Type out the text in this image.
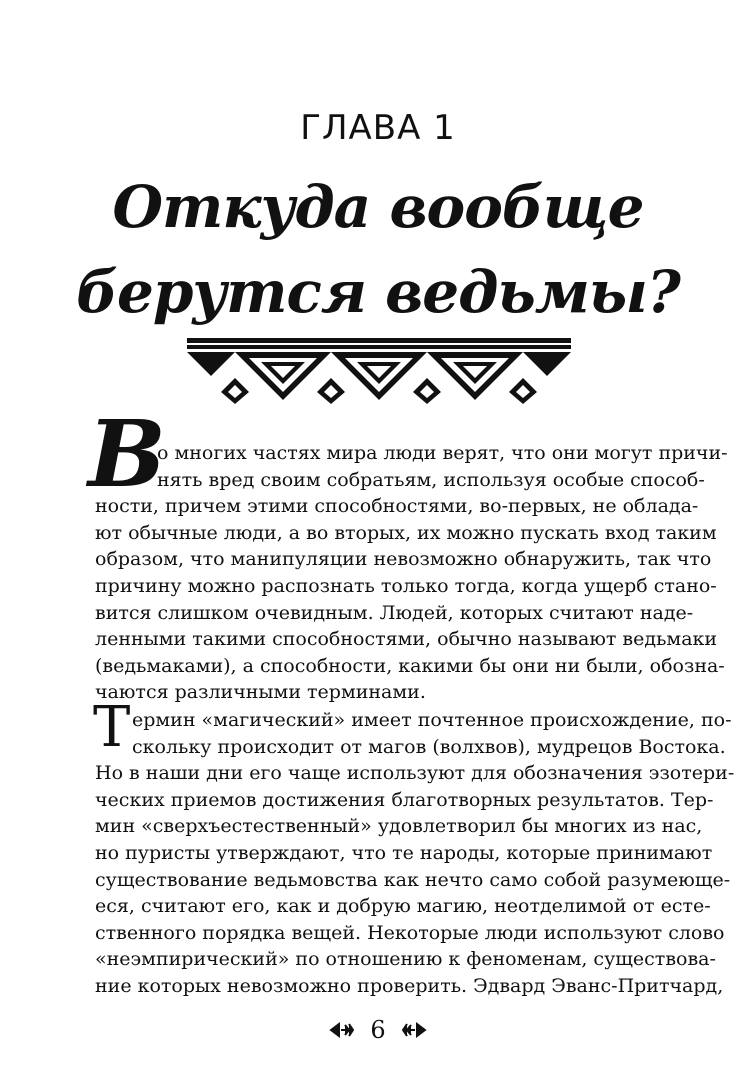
ГЛАВА 1
Откуда вообще
берутся ведьмы?
В
о многих частях мира люди верят, что они могут причи-
нять вред своим собратьям, используя особые способ-
ности, причем этими способностями, во-первых, не облада-
ют обычные люди, а во вторых, их можно пускать вход таким
образом, что манипуляции невозможно обнаружить, так что
причину можно распознать только тогда, когда ущерб стано-
вится слишком очевидным. Людей, которых считают наде-
ленными такими способностями, обычно называют ведьмаки
(ведьмаками), а способности, какими бы они ни были, обозна-
чаются различными терминами.
Т ермин «магический» имеет почтенное происхождение, по-
скольку происходит от магов (волхвов), мудрецов Востока.
Но в наши дни его чаще используют для обозначения эзотери-
ческих приемов достижения благотворных результатов. Тер-
мин «сверхъестественный» удовлетворил бы многих из нас,
но пуристы утверждают, что те народы, которые принимают
существование ведьмовства как нечто само собой разумеюще-
еся, считают его, как и добрую магию, неотделимой от есте-
ственного порядка вещей. Некоторые люди используют слово
«неэмпирический» по отношению к феноменам, существова-
ние которых невозможно проверить. Эдвард Эванс-Притчард,
6
